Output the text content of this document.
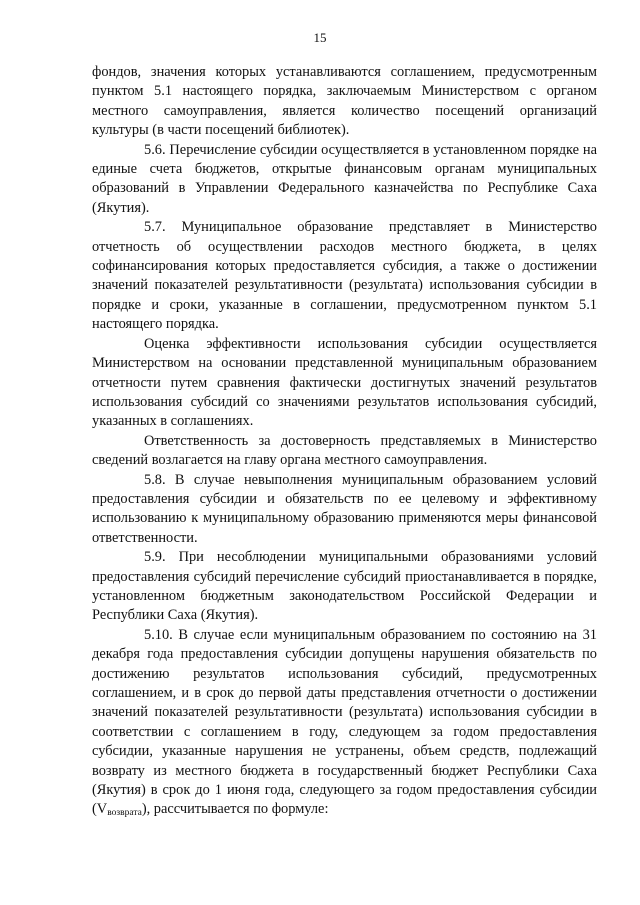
15

фондов, значения которых устанавливаются соглашением, предусмотренным пунктом 5.1 настоящего порядка, заключаемым Министерством с органом местного самоуправления, является количество посещений организаций культуры (в части посещений библиотек).

5.6. Перечисление субсидии осуществляется в установленном порядке на единые счета бюджетов, открытые финансовым органам муниципальных образований в Управлении Федерального казначейства по Республике Саха (Якутия).

5.7. Муниципальное образование представляет в Министерство отчетность об осуществлении расходов местного бюджета, в целях софинансирования которых предоставляется субсидия, а также о достижении значений показателей результативности (результата) использования субсидии в порядке и сроки, указанные в соглашении, предусмотренном пунктом 5.1 настоящего порядка.

Оценка эффективности использования субсидии осуществляется Министерством на основании представленной муниципальным образованием отчетности путем сравнения фактически достигнутых значений результатов использования субсидий со значениями результатов использования субсидий, указанных в соглашениях.

Ответственность за достоверность представляемых в Министерство сведений возлагается на главу органа местного самоуправления.

5.8. В случае невыполнения муниципальным образованием условий предоставления субсидии и обязательств по ее целевому и эффективному использованию к муниципальному образованию применяются меры финансовой ответственности.

5.9. При несоблюдении муниципальными образованиями условий предоставления субсидий перечисление субсидий приостанавливается в порядке, установленном бюджетным законодательством Российской Федерации и Республики Саха (Якутия).

5.10. В случае если муниципальным образованием по состоянию на 31 декабря года предоставления субсидии допущены нарушения обязательств по достижению результатов использования субсидий, предусмотренных соглашением, и в срок до первой даты представления отчетности о достижении значений показателей результативности (результата) использования субсидии в соответствии с соглашением в году, следующем за годом предоставления субсидии, указанные нарушения не устранены, объем средств, подлежащий возврату из местного бюджета в государственный бюджет Республики Саха (Якутия) в срок до 1 июня года, следующего за годом предоставления субсидии $(V_{возврата})$, рассчитывается по формуле:
